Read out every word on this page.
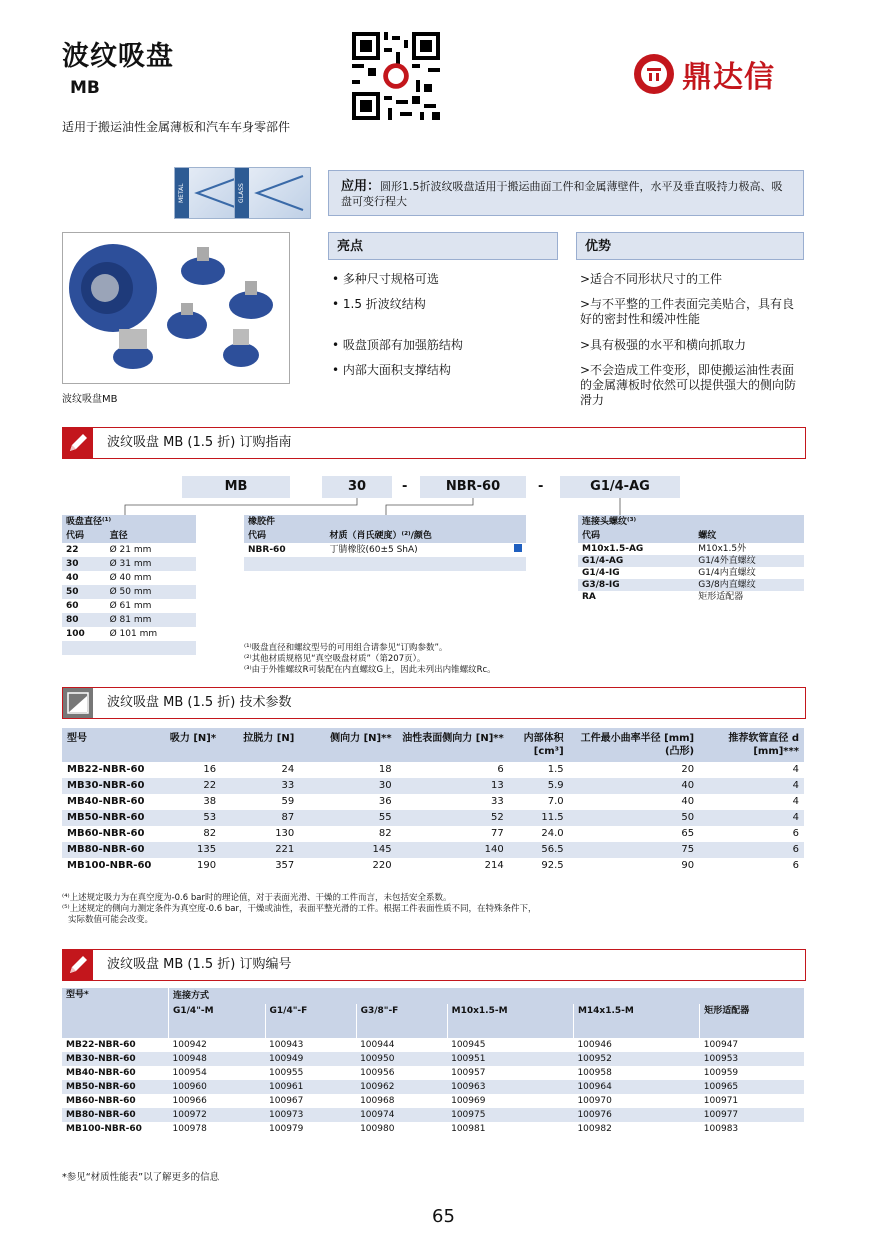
波纹吸盘
MB
适用于搬运油性金属薄板和汽车车身零部件
鼎达信
METAL	GLASS	应用：圆形1.5折波纹吸盘适用于搬运曲面工件和金属薄壁件，水平及垂直吸持力极高、吸盘可变行程大
波纹吸盘MB
亮点	优势
• 多种尺寸规格可选
• 1.5 折波纹结构
• 吸盘顶部有加强筋结构
• 内部大面积支撑结构
>适合不同形状尺寸的工件
>与不平整的工件表面完美贴合，具有良好的密封性和缓冲性能
>具有极强的水平和横向抓取力
>不会造成工件变形，即使搬运油性表面的金属薄板时依然可以提供强大的侧向防滑力
波纹吸盘 MB (1.5 折) 订购指南
MB	30	-	NBR-60	-	G1/4-AG
吸盘直径⁽¹⁾	
代码	直径
22	Ø 21 mm
30	Ø 31 mm
40	Ø 40 mm
50	Ø 50 mm
60	Ø 61 mm
80	Ø 81 mm
100	Ø 101 mm

橡胶件		
代码	材质（肖氏硬度）⁽²⁾/颜色	
NBR-60	丁腈橡胶(60±5 ShA)	

连接头螺纹⁽³⁾	
代码	螺纹
M10x1.5-AG	M10x1.5外
G1/4-AG	G1/4外直螺纹
G1/4-IG	G1/4内直螺纹
G3/8-IG	G3/8内直螺纹
RA	矩形适配器
⁽¹⁾吸盘直径和螺纹型号的可用组合请参见“订购参数”。
⁽²⁾其他材质规格见“真空吸盘材质”（第207页）。
⁽³⁾由于外锥螺纹R可装配在内直螺纹G上，因此未列出内锥螺纹Rc。
波纹吸盘 MB (1.5 折) 技术参数
型号	吸力 [N]*	拉脱力 [N]	侧向力 [N]**	油性表面侧向力 [N]**	内部体积 [cm³]	工件最小曲率半径 [mm] (凸形)	推荐软管直径 d [mm]***
MB22-NBR-60	16	24	18	6	1.5	20	4
MB30-NBR-60	22	33	30	13	5.9	40	4
MB40-NBR-60	38	59	36	33	7.0	40	4
MB50-NBR-60	53	87	55	52	11.5	50	4
MB60-NBR-60	82	130	82	77	24.0	65	6
MB80-NBR-60	135	221	145	140	56.5	75	6
MB100-NBR-60	190	357	220	214	92.5	90	6
⁽⁴⁾上述规定吸力为在真空度为-0.6 bar时的理论值，对于表面光滑、干燥的工件而言，未包括安全系数。
⁽⁵⁾上述规定的侧向力测定条件为真空度-0.6 bar，干燥或油性，表面平整光滑的工件。根据工件表面性质不同，在特殊条件下，
实际数值可能会改变。
波纹吸盘 MB (1.5 折) 订购编号
型号*	连接方式					
	G1/4"-M	G1/4"-F	G3/8"-F	M10x1.5-M	M14x1.5-M	矩形适配器
MB22-NBR-60	100942	100943	100944	100945	100946	100947
MB30-NBR-60	100948	100949	100950	100951	100952	100953
MB40-NBR-60	100954	100955	100956	100957	100958	100959
MB50-NBR-60	100960	100961	100962	100963	100964	100965
MB60-NBR-60	100966	100967	100968	100969	100970	100971
MB80-NBR-60	100972	100973	100974	100975	100976	100977
MB100-NBR-60	100978	100979	100980	100981	100982	100983
*参见“材质性能表”以了解更多的信息
65
